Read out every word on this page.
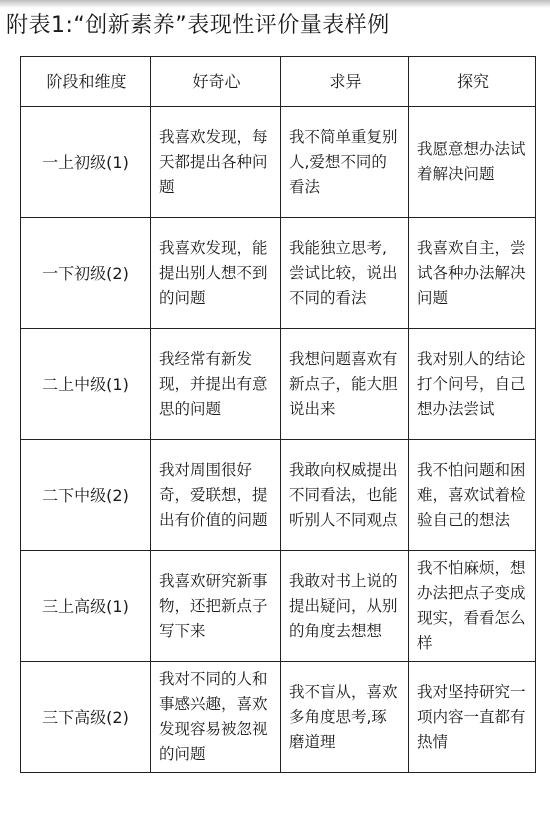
附表1:“创新素养”表现性评价量表样例
阶段和维度	好奇心	求异	探究
一上初级(1)	我喜欢发现，每天都提出各种问题	我不简单重复别人,爱想不同的看法	我愿意想办法试着解决问题
一下初级(2)	我喜欢发现，能提出别人想不到的问题	我能独立思考,尝试比较，说出不同的看法	我喜欢自主，尝试各种办法解决问题
二上中级(1)	我经常有新发现，并提出有意思的问题	我想问题喜欢有新点子，能大胆说出来	我对别人的结论打个问号，自己想办法尝试
二下中级(2)	我对周围很好奇，爱联想，提出有价值的问题	我敢向权威提出不同看法，也能听别人不同观点	我不怕问题和困难，喜欢试着检验自己的想法
三上高级(1)	我喜欢研究新事物，还把新点子写下来	我敢对书上说的提出疑问，从别的角度去想想	我不怕麻烦，想办法把点子变成现实，看看怎么样
三下高级(2)	我对不同的人和事感兴趣，喜欢发现容易被忽视的问题	我不盲从，喜欢多角度思考,琢磨道理	我对坚持研究一项内容一直都有热情
